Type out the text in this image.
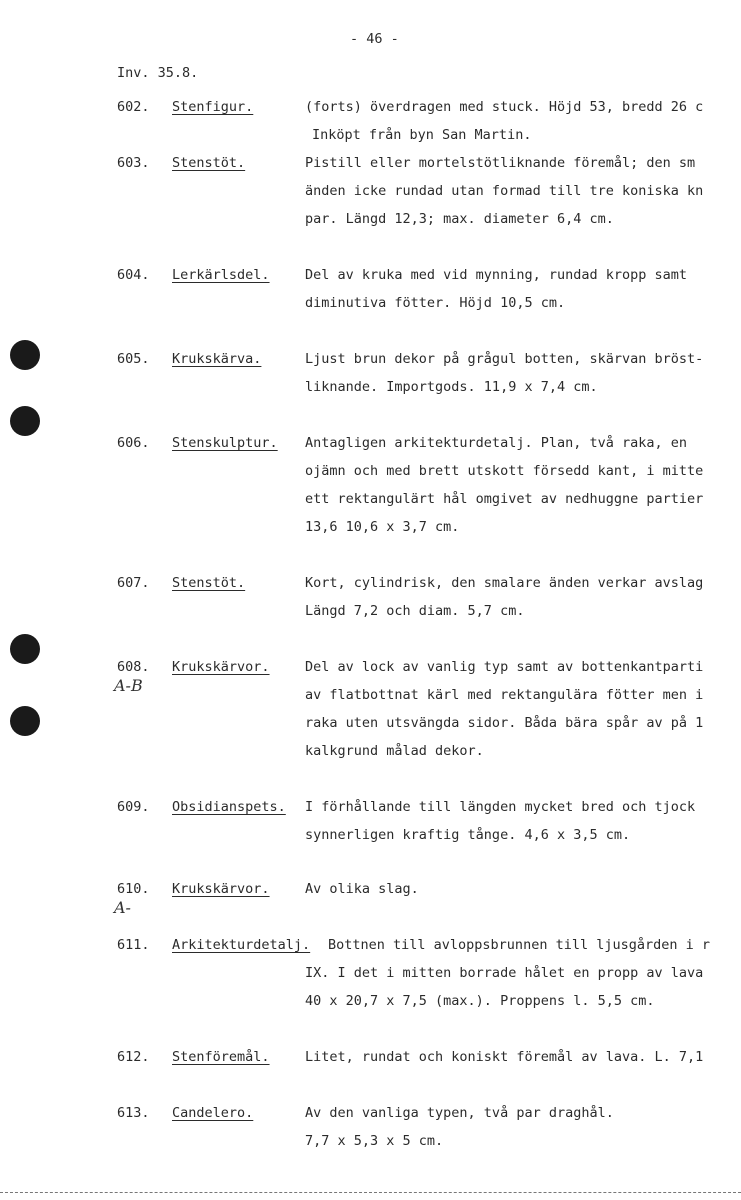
- 46 -
Inv. 35.8.
602. Stenfigur.	(forts) överdragen med stuck. Höjd 53, bredd 26 c
Inköpt från byn San Martin.
603. Stenstöt.	Pistill eller mortelstötliknande föremål; den sm
änden icke rundad utan formad till tre koniska kn
par. Längd 12,3; max. diameter 6,4 cm.
604. Lerkärlsdel.	Del av kruka med vid mynning, rundad kropp samt
diminutiva fötter. Höjd 10,5 cm.
605. Krukskärva.	Ljust brun dekor på grågul botten, skärvan bröst-
liknande. Importgods. 11,9 x 7,4 cm.
606. Stenskulptur. Antagligen arkitekturdetalj. Plan, två raka, en
ojämn och med brett utskott försedd kant, i mitte
ett rektangulärt hål omgivet av nedhuggne partier
13,6 10,6 x 3,7 cm.
607. Stenstöt.	Kort, cylindrisk, den smalare änden verkar avslag
Längd 7,2 och diam. 5,7 cm.
608.
A-B
Krukskärvor.	Del av lock av vanlig typ samt av bottenkantparti
av flatbottnat kärl med rektangulära fötter men i
raka uten utsvängda sidor. Båda bära spår av på 1
kalkgrund målad dekor.
609. Obsidianspets. I förhållande till längden mycket bred och tjock
synnerligen kraftig tånge. 4,6 x 3,5 cm.
610.
A-
Krukskärvor.	Av olika slag.
611. Arkitekturdetalj. Bottnen till avloppsbrunnen till ljusgården i r
IX. I det i mitten borrade hålet en propp av lava
40 x 20,7 x 7,5 (max.). Proppens l. 5,5 cm.
612. Stenföremål.	Litet, rundat och koniskt föremål av lava. L. 7,1
613. Candelero.	Av den vanliga typen, två par draghål.
7,7 x 5,3 x 5 cm.
